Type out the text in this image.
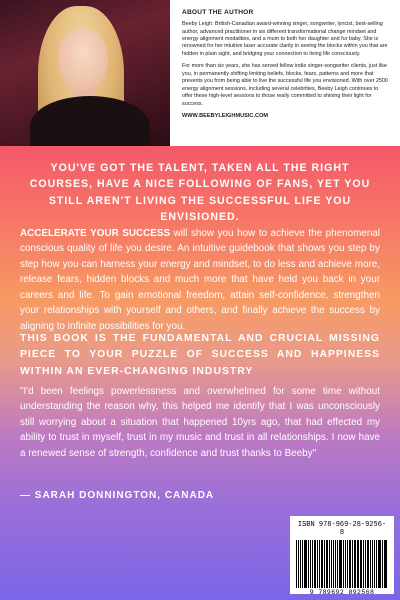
ABOUT THE AUTHOR

Beeby Leigh: British-Canadian award-winning singer, songwriter, lyricist, best-selling author, advanced practitioner in six different transformational change mindset and energy alignment modalities, and a mum to both her daughter and fur baby. She is renowned for her intuitive laser accurate clarity in seeing the blocks within you that are hidden in plain sight, and bridging your connection to living life consciously.

For more than six years, she has served fellow indie singer-songwriter clients, just like you, in permanently shifting limiting beliefs, blocks, fears, patterns and more that prevents you from being able to live the successful life you envisioned. With over 2500 energy alignment sessions, including several celebrities, Beeby Leigh continues to offer these high-level sessions to those really committed to shining their light for success.

WWW.BEEBYLEIGHMUSIC.COM
YOU'VE GOT THE TALENT, TAKEN ALL THE RIGHT COURSES, HAVE A NICE FOLLOWING OF FANS, YET YOU STILL AREN'T LIVING THE SUCCESSFUL LIFE YOU ENVISIONED.
ACCELERATE YOUR SUCCESS will show you how to achieve the phenomenal conscious quality of life you desire. An intuitive guidebook that shows you step by step how you can harness your energy and mindset, to do less and achieve more, release fears, hidden blocks and much more that have held you back in your careers and life. To gain emotional freedom, attain self-confidence, strengthen your relationships with yourself and others, and finally achieve the success by aligning to infinite possibilities for you.
THIS BOOK IS THE FUNDAMENTAL AND CRUCIAL MISSING PIECE TO YOUR PUZZLE OF SUCCESS AND HAPPINESS WITHIN AN EVER-CHANGING INDUSTRY
"I'd been feelings powerlessness and overwhelmed for some time without understanding the reason why, this helped me identify that I was unconsciously still worrying about a situation that happened 10yrs ago, that had effected my ability to trust in myself, trust in my music and trust in all relationships. I now have a renewed sense of strength, confidence and trust thanks to Beeby"
— SARAH DONNINGTON, CANADA
ISBN 978-969-28-9256-8
9 789692 892568
